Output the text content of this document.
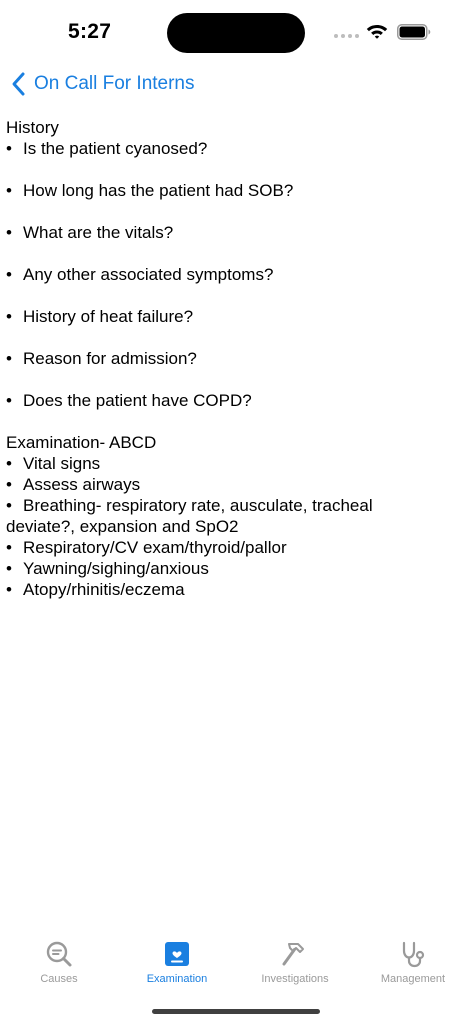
5:27
On Call For Interns
History
• Is the patient cyanosed?
• How long has the patient had SOB?
• What are the vitals?
• Any other associated symptoms?
• History of heat failure?
• Reason for admission?
• Does the patient have COPD?
Examination- ABCD
• Vital signs
• Assess airways
• Breathing- respiratory rate, ausculate, tracheal deviate?, expansion and SpO2
• Respiratory/CV exam/thyroid/pallor
• Yawning/sighing/anxious
• Atopy/rhinitis/eczema
Causes	Examination	Investigations	Management
